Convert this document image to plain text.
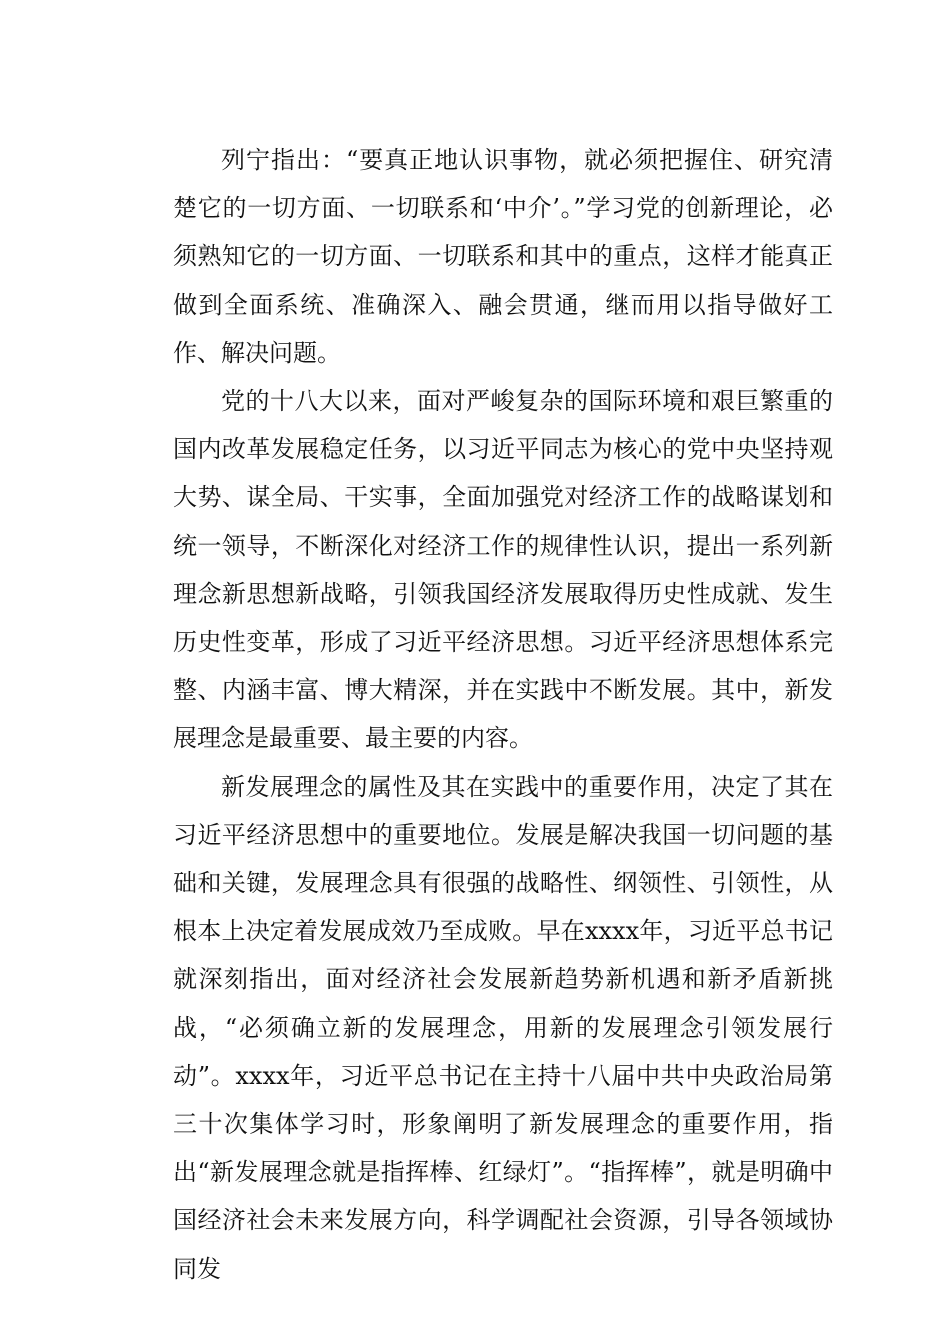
列宁指出：“要真正地认识事物，就必须把握住、研究清楚它的一切方面、一切联系和‘中介’。”学习党的创新理论，必须熟知它的一切方面、一切联系和其中的重点，这样才能真正做到全面系统、准确深入、融会贯通，继而用以指导做好工作、解决问题。

党的十八大以来，面对严峻复杂的国际环境和艰巨繁重的国内改革发展稳定任务，以习近平同志为核心的党中央坚持观大势、谋全局、干实事，全面加强党对经济工作的战略谋划和统一领导，不断深化对经济工作的规律性认识，提出一系列新理念新思想新战略，引领我国经济发展取得历史性成就、发生历史性变革，形成了习近平经济思想。习近平经济思想体系完整、内涵丰富、博大精深，并在实践中不断发展。其中，新发展理念是最重要、最主要的内容。

新发展理念的属性及其在实践中的重要作用，决定了其在习近平经济思想中的重要地位。发展是解决我国一切问题的基础和关键，发展理念具有很强的战略性、纲领性、引领性，从根本上决定着发展成效乃至成败。早在xxxx年，习近平总书记就深刻指出，面对经济社会发展新趋势新机遇和新矛盾新挑战，“必须确立新的发展理念，用新的发展理念引领发展行动”。xxxx年，习近平总书记在主持十八届中共中央政治局第三十次集体学习时，形象阐明了新发展理念的重要作用，指出“新发展理念就是指挥棒、红绿灯”。“指挥棒”，就是明确中国经济社会未来发展方向，科学调配社会资源，引导各领域协同发
